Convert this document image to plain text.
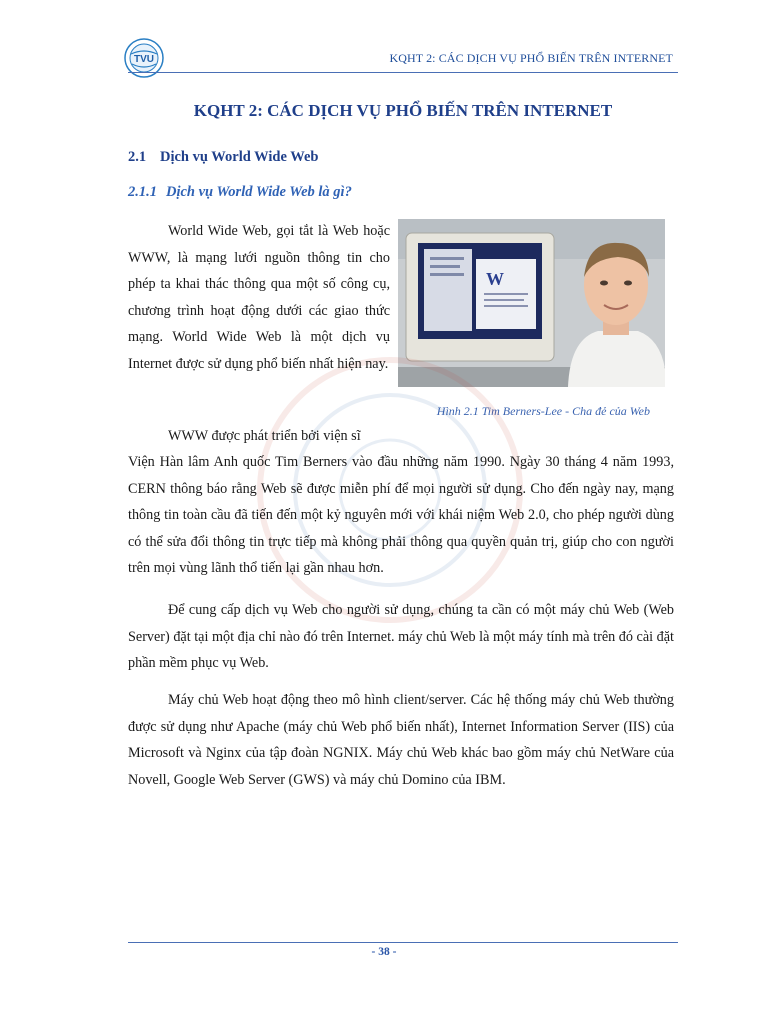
TVU	KQHT 2: CÁC DỊCH VỤ PHỔ BIẾN TRÊN INTERNET
KQHT 2: CÁC DỊCH VỤ PHỔ BIẾN TRÊN INTERNET
2.1 Dịch vụ World Wide Web
2.1.1 Dịch vụ World Wide Web là gì?
W
Hình 2.1 Tim Berners-Lee - Cha đẻ của Web
World Wide Web, gọi tắt là Web hoặc WWW, là mạng lưới nguồn thông tin cho phép ta khai thác thông qua một số công cụ, chương trình hoạt động dưới các giao thức mạng. World Wide Web là một dịch vụ Internet được sử dụng phổ biến nhất hiện nay.
WWW được phát triển bởi viện sĩ
Viện Hàn lâm Anh quốc Tim Berners vào đầu những năm 1990. Ngày 30 tháng 4 năm 1993, CERN thông báo rằng Web sẽ được miễn phí để mọi người sử dụng. Cho đến ngày nay, mạng thông tin toàn cầu đã tiến đến một kỷ nguyên mới với khái niệm Web 2.0, cho phép người dùng có thể sửa đổi thông tin trực tiếp mà không phải thông qua quyền quản trị, giúp cho con người trên mọi vùng lãnh thổ tiến lại gần nhau hơn.
Để cung cấp dịch vụ Web cho người sử dụng, chúng ta cần có một máy chủ Web (Web Server) đặt tại một địa chỉ nào đó trên Internet. máy chủ Web là một máy tính mà trên đó cài đặt phần mềm phục vụ Web.
Máy chủ Web hoạt động theo mô hình client/server. Các hệ thống máy chủ Web thường được sử dụng như Apache (máy chủ Web phổ biến nhất), Internet Information Server (IIS) của Microsoft và Nginx của tập đoàn NGNIX. Máy chủ Web khác bao gồm máy chủ NetWare của Novell, Google Web Server (GWS) và máy chủ Domino của IBM.
- 38 -
